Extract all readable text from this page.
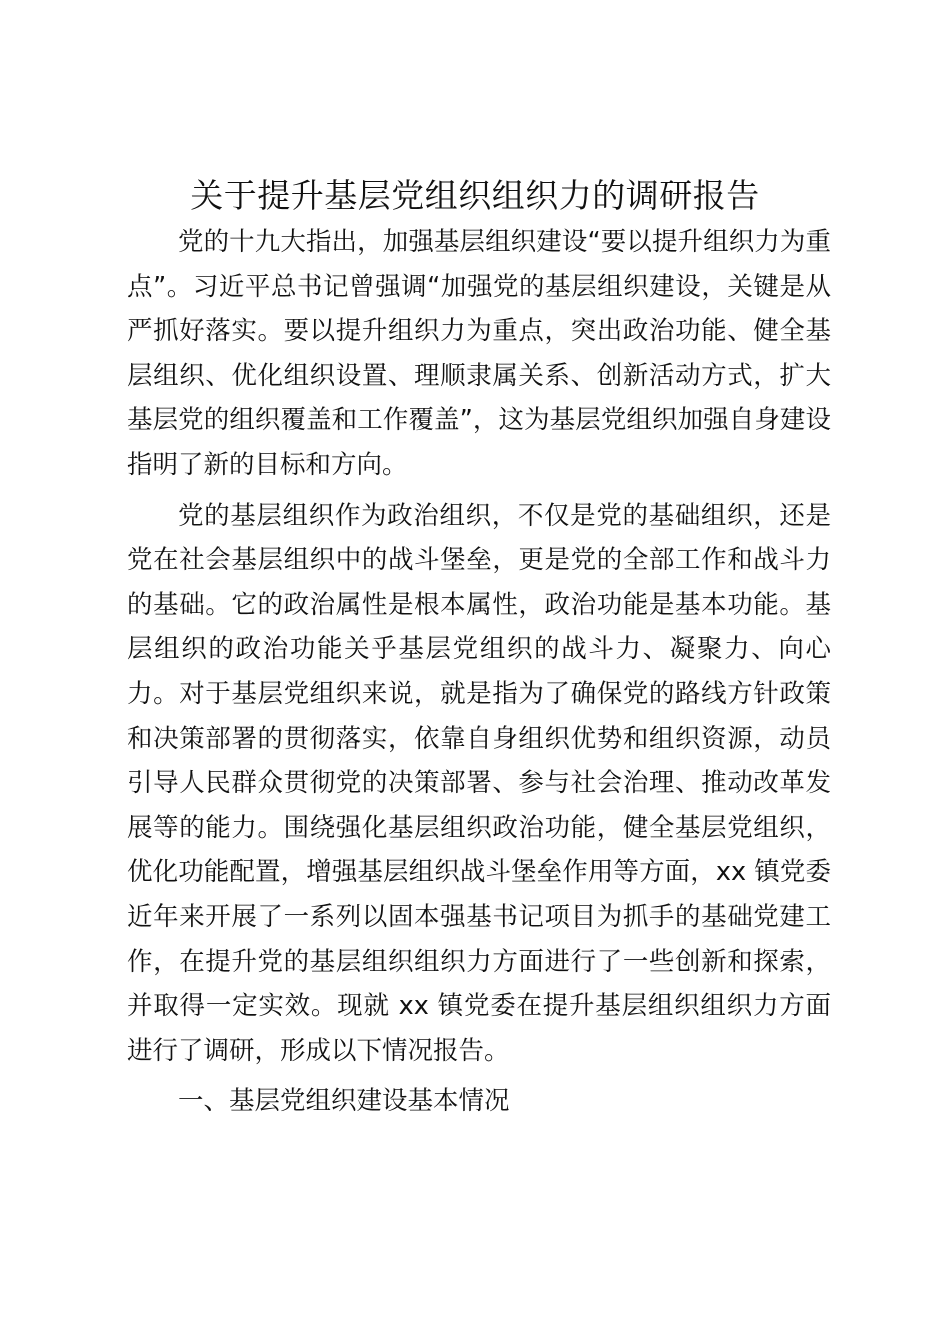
关于提升基层党组织组织力的调研报告

党的十九大指出，加强基层组织建设“要以提升组织力为重点”。习近平总书记曾强调“加强党的基层组织建设，关键是从严抓好落实。要以提升组织力为重点，突出政治功能、健全基层组织、优化组织设置、理顺隶属关系、创新活动方式，扩大基层党的组织覆盖和工作覆盖”，这为基层党组织加强自身建设指明了新的目标和方向。

党的基层组织作为政治组织，不仅是党的基础组织，还是党在社会基层组织中的战斗堡垒，更是党的全部工作和战斗力的基础。它的政治属性是根本属性，政治功能是基本功能。基层组织的政治功能关乎基层党组织的战斗力、凝聚力、向心力。对于基层党组织来说，就是指为了确保党的路线方针政策和决策部署的贯彻落实，依靠自身组织优势和组织资源，动员引导人民群众贯彻党的决策部署、参与社会治理、推动改革发展等的能力。围绕强化基层组织政治功能，健全基层党组织，优化功能配置，增强基层组织战斗堡垒作用等方面，xx 镇党委近年来开展了一系列以固本强基书记项目为抓手的基础党建工作，在提升党的基层组织组织力方面进行了一些创新和探索，并取得一定实效。现就 xx 镇党委在提升基层组织组织力方面进行了调研，形成以下情况报告。

一、基层党组织建设基本情况
